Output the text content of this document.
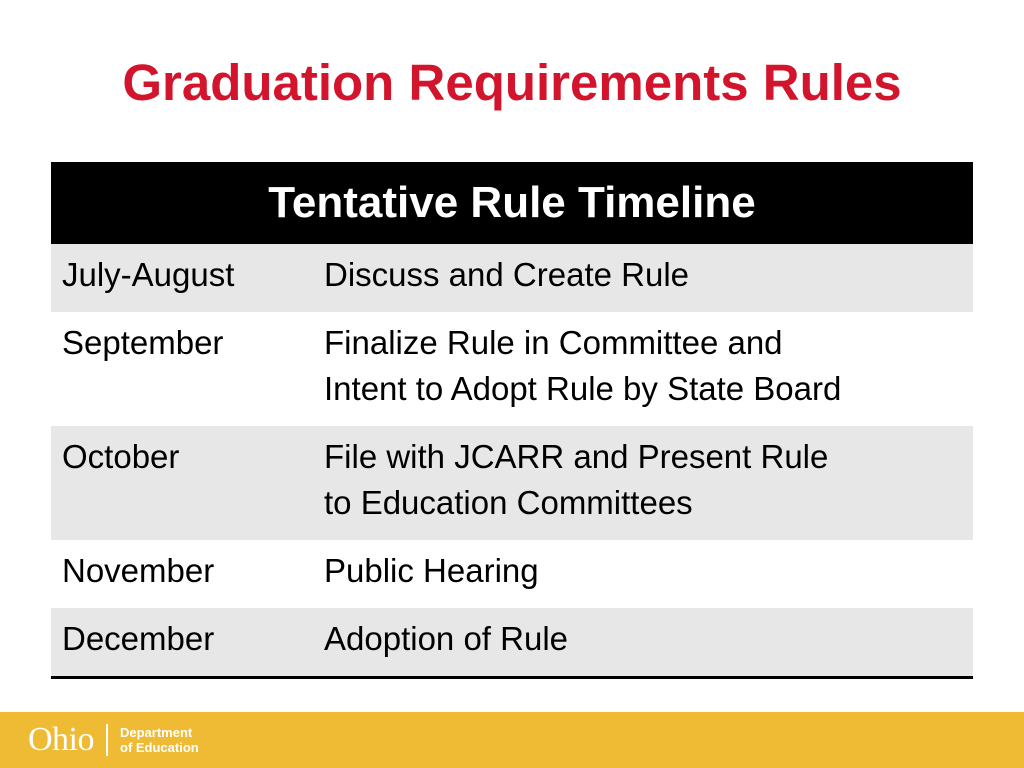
Graduation Requirements Rules
Tentative Rule Timeline	
July-August	Discuss and Create Rule

September	Finalize Rule in Committee and
Intent to Adopt Rule by State Board

October	File with JCARR and Present Rule
to Education Committees

November	Public Hearing

December	Adoption of Rule
Ohio Department
of Education
